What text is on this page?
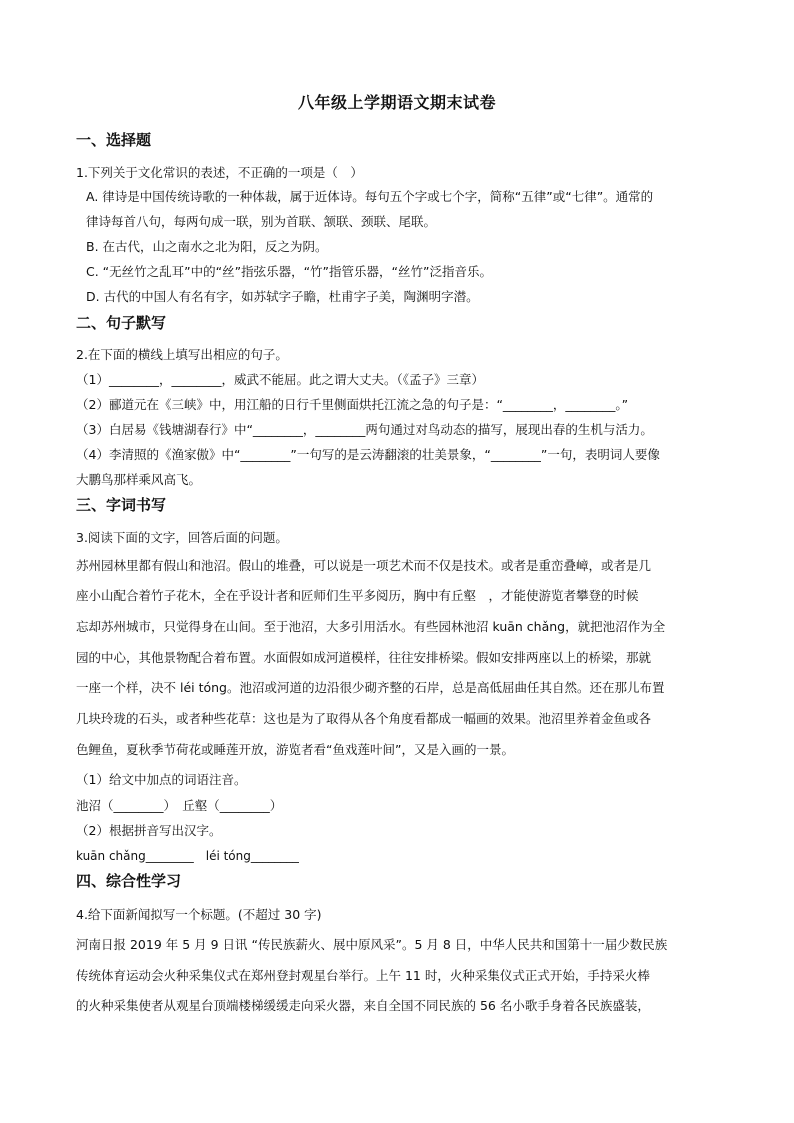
八年级上学期语文期末试卷
一、选择题
1.下列关于文化常识的表述，不正确的一项是（　）
A. 律诗是中国传统诗歌的一种体裁，属于近体诗。每句五个字或七个字，简称“五律”或“七律”。通常的
律诗每首八句，每两句成一联，别为首联、颔联、颈联、尾联。
B. 在古代，山之南水之北为阳，反之为阴。
C. “无丝竹之乱耳”中的“丝”指弦乐器，“竹”指管乐器，“丝竹”泛指音乐。
D. 古代的中国人有名有字，如苏轼字子瞻，杜甫字子美，陶渊明字潜。
二、句子默写
2.在下面的横线上填写出相应的句子。
（1）________，________，威武不能屈。此之谓大丈夫。（《孟子》三章）
（2）郦道元在《三峡》中，用江船的日行千里侧面烘托江流之急的句子是：“________，________。”
（3）白居易《钱塘湖春行》中“________，________两句通过对鸟动态的描写，展现出春的生机与活力。
（4）李清照的《渔家傲》中“________”一句写的是云涛翻滚的壮美景象，“________”一句，表明词人要像
大鹏鸟那样乘风高飞。
三、字词书写
3.阅读下面的文字，回答后面的问题。
苏州园林里都有假山和池沼。假山的堆叠，可以说是一项艺术而不仅是技术。或者是重峦叠嶂，或者是几
座小山配合着竹子花木，全在乎设计者和匠师们生平多阅历，胸中有丘壑　，才能使游览者攀登的时候
忘却苏州城市，只觉得身在山间。至于池沼，大多引用活水。有些园林池沼 kuān chǎng，就把池沼作为全
园的中心，其他景物配合着布置。水面假如成河道模样，往往安排桥梁。假如安排两座以上的桥梁，那就
一座一个样，决不 léi tóng。池沼或河道的边沿很少砌齐整的石岸，总是高低屈曲任其自然。还在那儿布置
几块玲珑的石头，或者种些花草：这也是为了取得从各个角度看都成一幅画的效果。池沼里养着金鱼或各
色鲤鱼，夏秋季节荷花或睡莲开放，游览者看“鱼戏莲叶间”，又是入画的一景。
（1）给文中加点的词语注音。
池沼（________）　丘壑（________）
（2）根据拼音写出汉字。
kuān chǎng________　léi tóng________
四、综合性学习
4.给下面新闻拟写一个标题。(不超过 30 字)
河南日报 2019 年 5 月 9 日讯 “传民族薪火、展中原风采”。5 月 8 日，中华人民共和国第十一届少数民族
传统体育运动会火种采集仪式在郑州登封观星台举行。上午 11 时，火种采集仪式正式开始，手持采火棒
的火种采集使者从观星台顶端楼梯缓缓走向采火器，来自全国不同民族的 56 名小歌手身着各民族盛装，
